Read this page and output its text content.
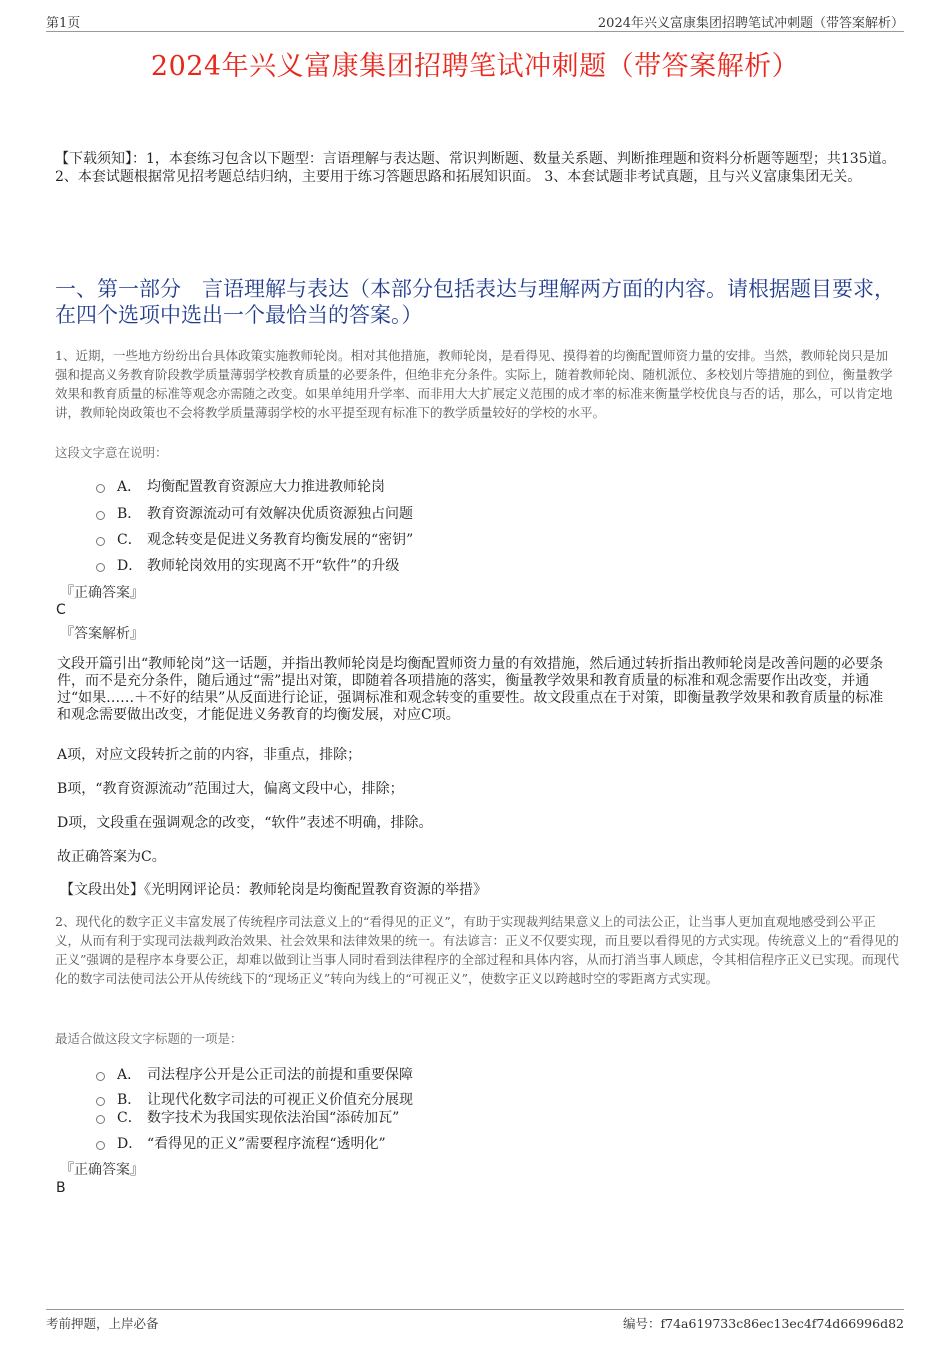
第1页	2024年兴义富康集团招聘笔试冲刺题（带答案解析）
2024年兴义富康集团招聘笔试冲刺题（带答案解析）
【下载须知】：1，本套练习包含以下题型：言语理解与表达题、常识判断题、数量关系题、判断推理题和资料分析题等题型；共135道。 2、本套试题根据常见招考题总结归纳，主要用于练习答题思路和拓展知识面。 3、本套试题非考试真题，且与兴义富康集团无关。
一、第一部分　言语理解与表达（本部分包括表达与理解两方面的内容。请根据题目要求，在四个选项中选出一个最恰当的答案。）
1、近期，一些地方纷纷出台具体政策实施教师轮岗。相对其他措施，教师轮岗，是看得见、摸得着的均衡配置师资力量的安排。当然，教师轮岗只是加强和提高义务教育阶段教学质量薄弱学校教育质量的必要条件，但绝非充分条件。实际上，随着教师轮岗、随机派位、多校划片等措施的到位，衡量教学效果和教育质量的标准等观念亦需随之改变。如果单纯用升学率、而非用大大扩展定义范围的成才率的标准来衡量学校优良与否的话，那么，可以肯定地讲，教师轮岗政策也不会将教学质量薄弱学校的水平提至现有标准下的教学质量较好的学校的水平。
这段文字意在说明：
A． 均衡配置教育资源应大力推进教师轮岗
B． 教育资源流动可有效解决优质资源独占问题
C． 观念转变是促进义务教育均衡发展的“密钥”
D． 教师轮岗效用的实现离不开“软件”的升级
『正确答案』
C
『答案解析』
文段开篇引出“教师轮岗”这一话题，并指出教师轮岗是均衡配置师资力量的有效措施，然后通过转折指出教师轮岗是改善问题的必要条件，而不是充分条件，随后通过“需”提出对策，即随着各项措施的落实，衡量教学效果和教育质量的标准和观念需要作出改变，并通过“如果……＋不好的结果”从反面进行论证，强调标准和观念转变的重要性。故文段重点在于对策，即衡量教学效果和教育质量的标准和观念需要做出改变，才能促进义务教育的均衡发展，对应C项。
A项，对应文段转折之前的内容，非重点，排除；
B项，“教育资源流动”范围过大，偏离文段中心，排除；
D项，文段重在强调观念的改变，“软件”表述不明确，排除。
故正确答案为C。
【文段出处】《光明网评论员：教师轮岗是均衡配置教育资源的举措》
2、现代化的数字正义丰富发展了传统程序司法意义上的“看得见的正义”，有助于实现裁判结果意义上的司法公正，让当事人更加直观地感受到公平正义，从而有利于实现司法裁判政治效果、社会效果和法律效果的统一。有法谚言：正义不仅要实现，而且要以看得见的方式实现。传统意义上的“看得见的正义”强调的是程序本身要公正，却难以做到让当事人同时看到法律程序的全部过程和具体内容，从而打消当事人顾虑，令其相信程序正义已实现。而现代化的数字司法使司法公开从传统线下的“现场正义”转向为线上的“可视正义”，使数字正义以跨越时空的零距离方式实现。
最适合做这段文字标题的一项是：
A． 司法程序公开是公正司法的前提和重要保障
B． 让现代化数字司法的可视正义价值充分展现
C． 数字技术为我国实现依法治国“添砖加瓦”
D． “看得见的正义”需要程序流程“透明化”
『正确答案』
B
考前押题，上岸必备	编号：f74a619733c86ec13ec4f74d66996d82
